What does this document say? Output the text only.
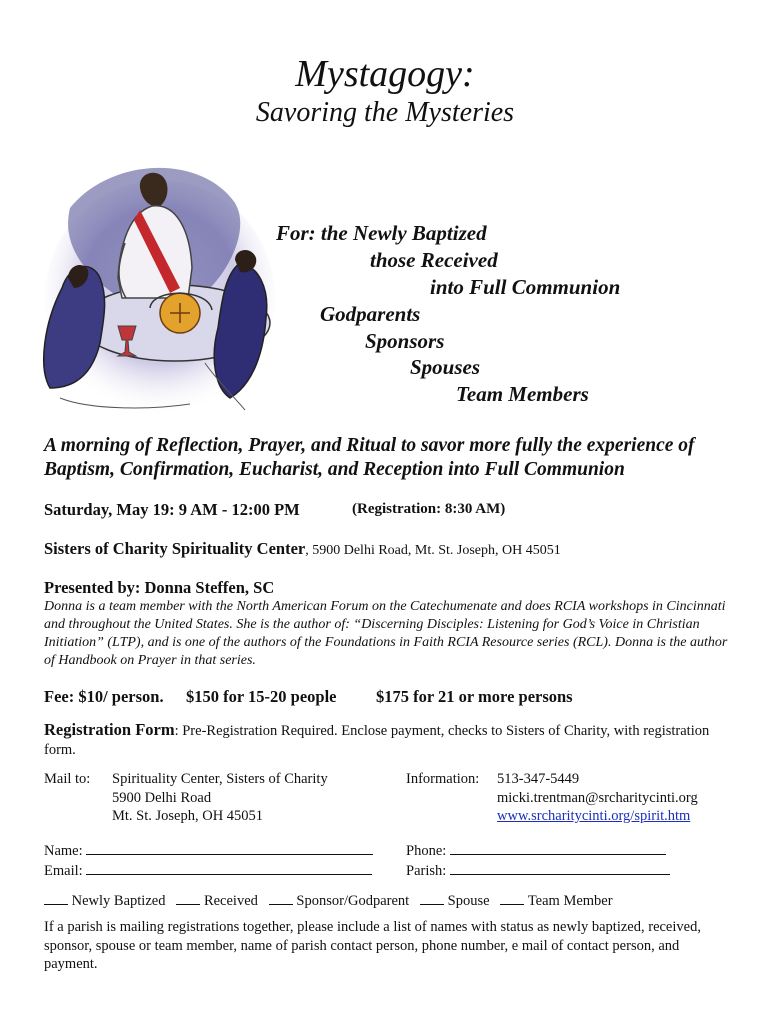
Mystagogy:
Savoring the Mysteries
For: the Newly Baptized
those Received
into Full Communion
Godparents
Sponsors
Spouses
Team Members
A morning of Reflection, Prayer, and Ritual to savor more fully the experience of Baptism, Confirmation, Eucharist, and Reception into Full Communion
Saturday, May 19: 9 AM - 12:00 PM	(Registration: 8:30 AM)
Sisters of Charity Spirituality Center, 5900 Delhi Road, Mt. St. Joseph, OH 45051
Presented by: Donna Steffen, SC
Donna is a team member with the North American Forum on the Catechumenate and does RCIA workshops in Cincinnati and throughout the United States. She is the author of: “Discerning Disciples: Listening for God’s Voice in Christian Initiation” (LTP), and is one of the authors of the Foundations in Faith RCIA Resource series (RCL). Donna is the author of Handbook on Prayer in that series.
Fee: $10/ person. $150 for 15-20 people $175 for 21 or more persons
Registration Form: Pre-Registration Required. Enclose payment, checks to Sisters of Charity, with registration form.
Mail to: Spirituality Center, Sisters of Charity
5900 Delhi Road
Mt. St. Joseph, OH 45051
Information: 513-347-5449
micki.trentman@srcharitycinti.org
www.srcharitycinti.org/spirit.htm
Name:
Email:
Phone:
Parish:
Newly Baptized	Received	Sponsor/Godparent	Spouse	Team Member
If a parish is mailing registrations together, please include a list of names with status as newly baptized, received, sponsor, spouse or team member, name of parish contact person, phone number, e mail of contact person, and payment.
